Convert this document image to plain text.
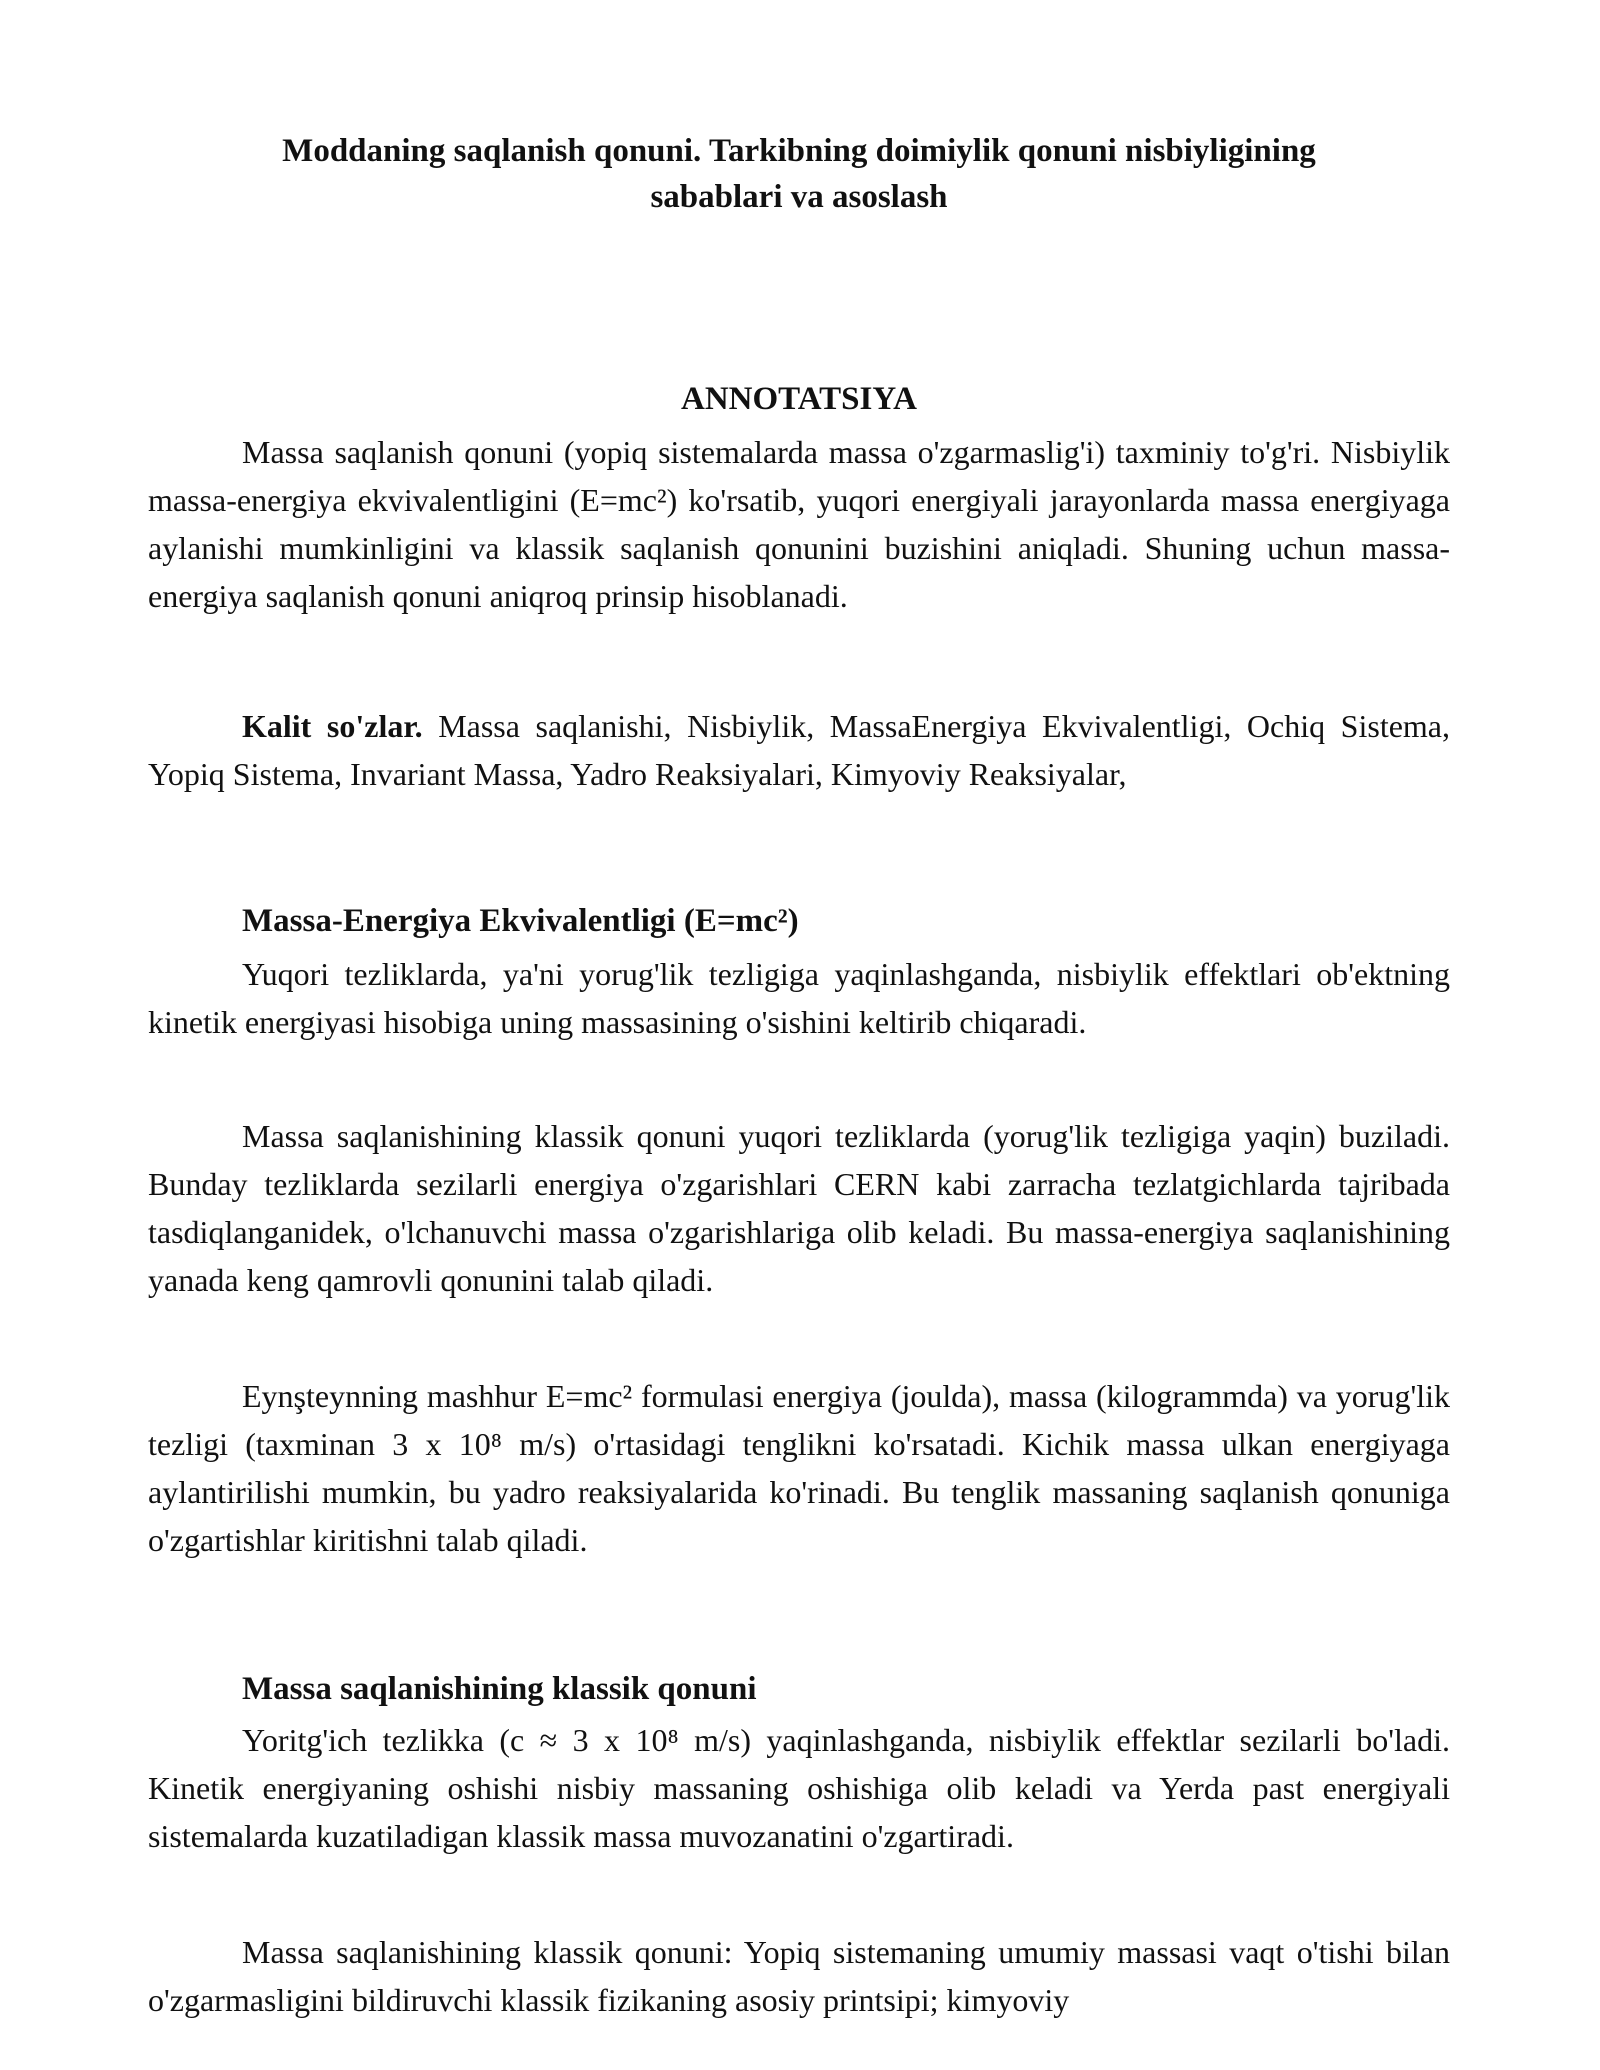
Moddaning saqlanish qonuni. Tarkibning doimiylik qonuni nisbiyligining
sabablari va asoslash
ANNOTATSIYA

Massa saqlanish qonuni (yopiq sistemalarda massa o'zgarmaslig'i) taxminiy to'g'ri. Nisbiylik massa-energiya ekvivalentligini (E=mc²) ko'rsatib, yuqori energiyali jarayonlarda massa energiyaga aylanishi mumkinligini va klassik saqlanish qonunini buzishini aniqladi. Shuning uchun massa-energiya saqlanish qonuni aniqroq prinsip hisoblanadi.

Kalit so'zlar. Massa saqlanishi, Nisbiylik, MassaEnergiya Ekvivalentligi, Ochiq Sistema, Yopiq Sistema, Invariant Massa, Yadro Reaksiyalari, Kimyoviy Reaksiyalar,

Massa-Energiya Ekvivalentligi (E=mc²)

Yuqori tezliklarda, ya'ni yorug'lik tezligiga yaqinlashganda, nisbiylik effektlari ob'ektning kinetik energiyasi hisobiga uning massasining o'sishini keltirib chiqaradi.

Massa saqlanishining klassik qonuni yuqori tezliklarda (yorug'lik tezligiga yaqin) buziladi. Bunday tezliklarda sezilarli energiya o'zgarishlari CERN kabi zarracha tezlatgichlarda tajribada tasdiqlanganidek, o'lchanuvchi massa o'zgarishlariga olib keladi. Bu massa-energiya saqlanishining yanada keng qamrovli qonunini talab qiladi.

Eynşteynning mashhur E=mc² formulasi energiya (joulda), massa (kilogrammda) va yorug'lik tezligi (taxminan 3 x 10⁸ m/s) o'rtasidagi tenglikni ko'rsatadi. Kichik massa ulkan energiyaga aylantirilishi mumkin, bu yadro reaksiyalarida ko'rinadi. Bu tenglik massaning saqlanish qonuniga o'zgartishlar kiritishni talab qiladi.

Massa saqlanishining klassik qonuni

Yoritg'ich tezlikka (c ≈ 3 x 10⁸ m/s) yaqinlashganda, nisbiylik effektlar sezilarli bo'ladi. Kinetik energiyaning oshishi nisbiy massaning oshishiga olib keladi va Yerda past energiyali sistemalarda kuzatiladigan klassik massa muvozanatini o'zgartiradi.

Massa saqlanishining klassik qonuni: Yopiq sistemaning umumiy massasi vaqt o'tishi bilan o'zgarmasligini bildiruvchi klassik fizikaning asosiy printsipi; kimyoviy
